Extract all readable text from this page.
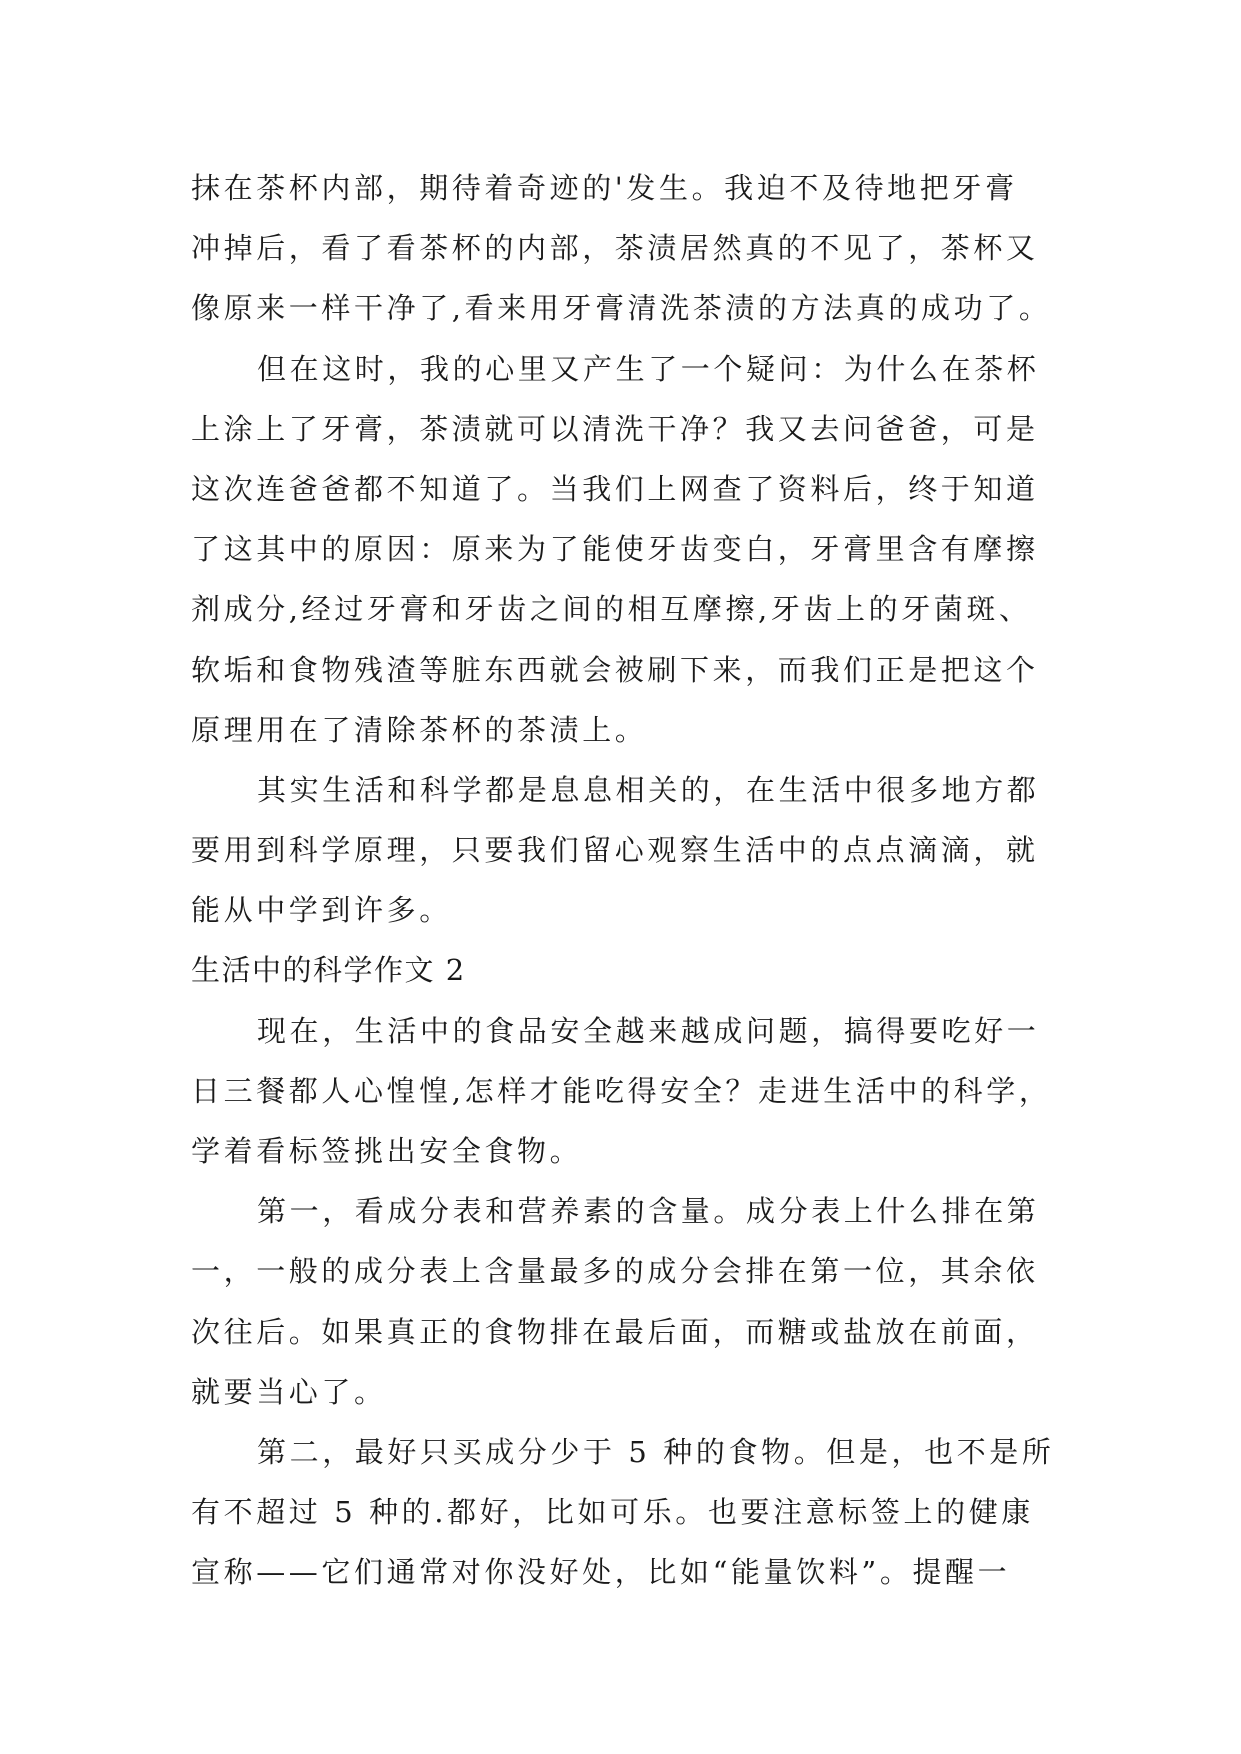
抹在茶杯内部，期待着奇迹的'发生。我迫不及待地把牙膏
冲掉后，看了看茶杯的内部，茶渍居然真的不见了，茶杯又
像原来一样干净了,看来用牙膏清洗茶渍的方法真的成功了。
但在这时，我的心里又产生了一个疑问：为什么在茶杯
上涂上了牙膏，茶渍就可以清洗干净？我又去问爸爸，可是
这次连爸爸都不知道了。当我们上网查了资料后，终于知道
了这其中的原因：原来为了能使牙齿变白，牙膏里含有摩擦
剂成分,经过牙膏和牙齿之间的相互摩擦,牙齿上的牙菌斑、
软垢和食物残渣等脏东西就会被刷下来，而我们正是把这个
原理用在了清除茶杯的茶渍上。
其实生活和科学都是息息相关的，在生活中很多地方都
要用到科学原理，只要我们留心观察生活中的点点滴滴，就
能从中学到许多。
生活中的科学作文 2
现在，生活中的食品安全越来越成问题，搞得要吃好一
日三餐都人心惶惶,怎样才能吃得安全？走进生活中的科学，
学着看标签挑出安全食物。
第一，看成分表和营养素的含量。成分表上什么排在第
一，一般的成分表上含量最多的成分会排在第一位，其余依
次往后。如果真正的食物排在最后面，而糖或盐放在前面，
就要当心了。
第二，最好只买成分少于 5 种的食物。但是，也不是所
有不超过 5 种的.都好，比如可乐。也要注意标签上的健康
宣称——它们通常对你没好处，比如“能量饮料”。提醒一
